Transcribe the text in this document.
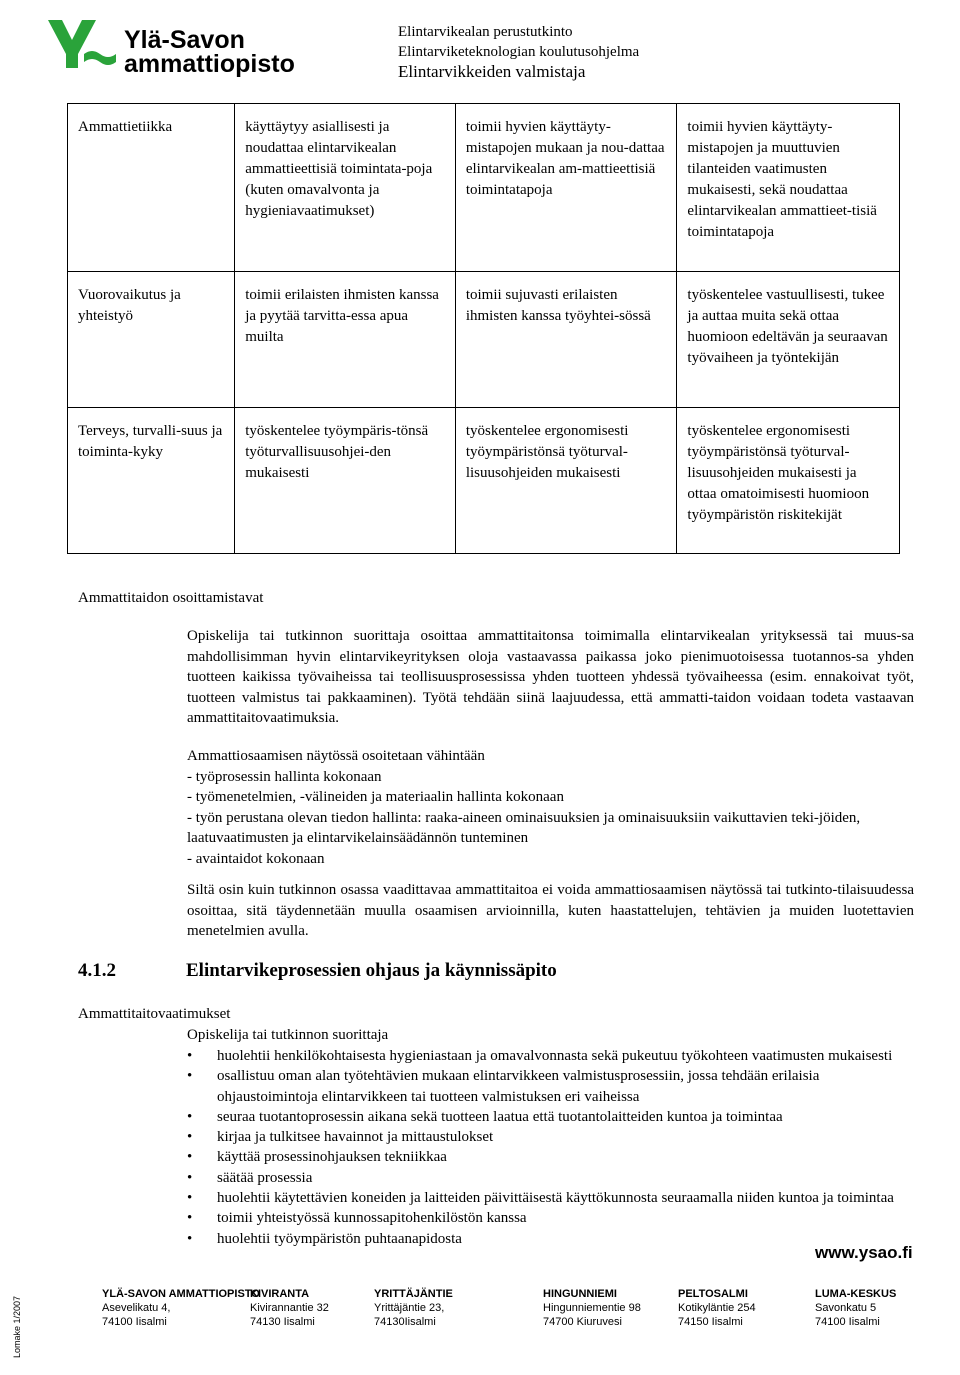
Ylä-Savon
ammattiopisto
Elintarvikealan perustutkinto
Elintarviketeknologian koulutusohjelma
Elintarvikkeiden valmistaja
Ammattietiikka	käyttäytyy asiallisesti ja noudattaa elintarvikealan ammattieettisiä toimintata-poja (kuten omavalvonta ja hygieniavaatimukset)	toimii hyvien käyttäyty-mistapojen mukaan ja nou-dattaa elintarvikealan am-mattieettisiä toimintatapoja	toimii hyvien käyttäyty-mistapojen ja muuttuvien tilanteiden vaatimusten mukaisesti, sekä noudattaa elintarvikealan ammattieet-tisiä toimintatapoja
Vuorovaikutus ja yhteistyö	toimii erilaisten ihmisten kanssa ja pyytää tarvitta-essa apua muilta	toimii sujuvasti erilaisten ihmisten kanssa työyhtei-sössä	työskentelee vastuullisesti, tukee ja auttaa muita sekä ottaa huomioon edeltävän ja seuraavan työvaiheen ja työntekijän
Terveys, turvalli-suus ja toiminta-kyky	työskentelee työympäris-tönsä työturvallisuusohjei-den mukaisesti	työskentelee ergonomisesti työympäristönsä työturval-lisuusohjeiden mukaisesti	työskentelee ergonomisesti työympäristönsä työturval-lisuusohjeiden mukaisesti ja ottaa omatoimisesti huomioon työympäristön riskitekijät
Ammattitaidon osoittamistavat
Opiskelija tai tutkinnon suorittaja osoittaa ammattitaitonsa toimimalla elintarvikealan yrityksessä tai muus-sa mahdollisimman hyvin elintarvikeyrityksen oloja vastaavassa paikassa joko pienimuotoisessa tuotannos-sa yhden tuotteen kaikissa työvaiheissa tai teollisuusprosessissa yhden tuotteen yhdessä työvaiheessa (esim. ennakoivat työt, tuotteen valmistus tai pakkaaminen). Työtä tehdään siinä laajuudessa, että ammatti-taidon voidaan todeta vastaavan ammattitaitovaatimuksia.
Ammattiosaamisen näytössä osoitetaan vähintään
- työprosessin hallinta kokonaan
- työmenetelmien, -välineiden ja materiaalin hallinta kokonaan
- työn perustana olevan tiedon hallinta: raaka-aineen ominaisuuksien ja ominaisuuksiin vaikuttavien teki-jöiden, laatuvaatimusten ja elintarvikelainsäädännön tunteminen
- avaintaidot kokonaan
Siltä osin kuin tutkinnon osassa vaadittavaa ammattitaitoa ei voida ammattiosaamisen näytössä tai tutkinto-tilaisuudessa osoittaa, sitä täydennetään muulla osaamisen arvioinnilla, kuten haastattelujen, tehtävien ja muiden luotettavien menetelmien avulla.
4.1.2	Elintarvikeprosessien ohjaus ja käynnissäpito
Ammattitaitovaatimukset
Opiskelija tai tutkinnon suorittaja
•	huolehtii henkilökohtaisesta hygieniastaan ja omavalvonnasta sekä pukeutuu työkohteen vaatimusten mukaisesti
•	osallistuu oman alan työtehtävien mukaan elintarvikkeen valmistusprosessiin, jossa tehdään erilaisia ohjaustoimintoja elintarvikkeen tai tuotteen valmistuksen eri vaiheissa
•	seuraa tuotantoprosessin aikana sekä tuotteen laatua että tuotantolaitteiden kuntoa ja toimintaa
•	kirjaa ja tulkitsee havainnot ja mittaustulokset
•	käyttää prosessinohjauksen tekniikkaa
•	säätää prosessia
•	huolehtii käytettävien koneiden ja laitteiden päivittäisestä käyttökunnosta seuraamalla niiden kuntoa ja toimintaa
•	toimii yhteistyössä kunnossapitohenkilöstön kanssa
•	huolehtii työympäristön puhtaanapidosta
www.ysao.fi
YLÄ-SAVON AMMATTIOPISTO
Asevelikatu 4,
74100 Iisalmi
KIVIRANTA
Kivirannantie 32
74130 Iisalmi
YRITTÄJÄNTIE
Yrittäjäntie 23,
74130Iisalmi
HINGUNNIEMI
Hingunniementie 98
74700 Kiuruvesi
PELTOSALMI
Kotikyläntie 254
74150 Iisalmi
LUMA-KESKUS
Savonkatu 5
74100 Iisalmi
Lomake 1/2007
